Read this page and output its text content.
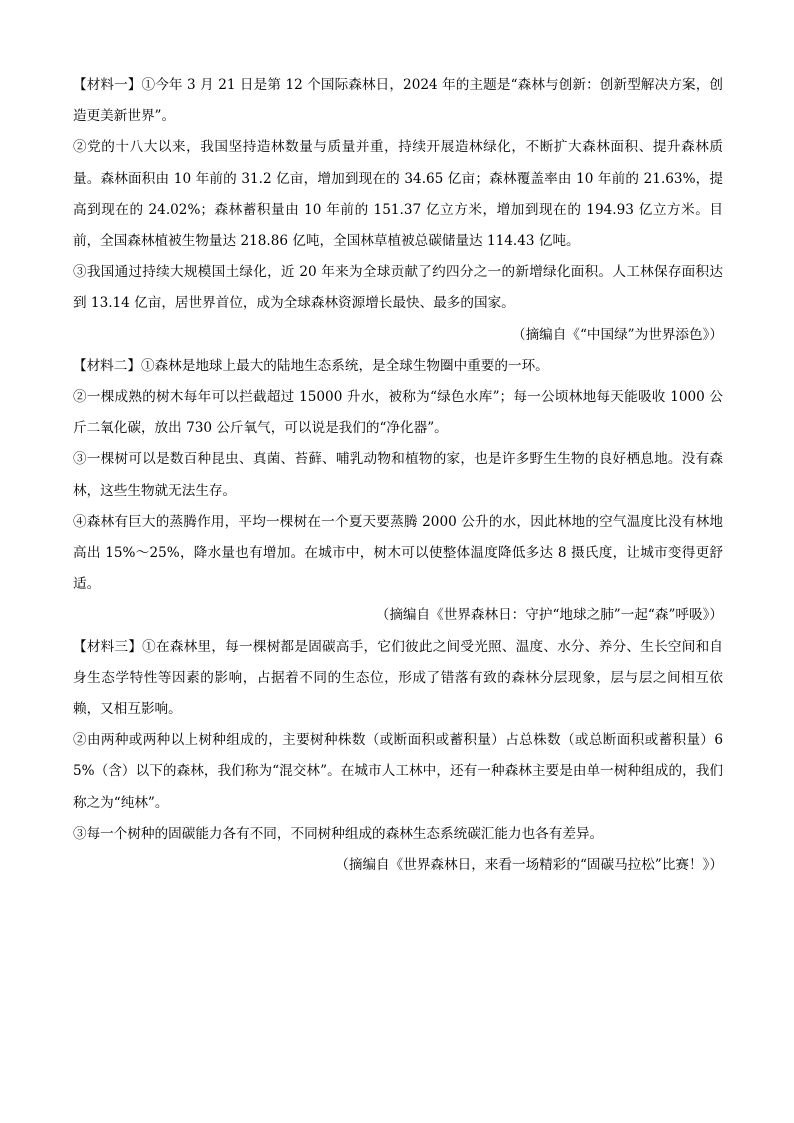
【材料一】①今年 3 月 21 日是第 12 个国际森林日，2024 年的主题是“森林与创新：创新型解决方案，创造更美新世界”。

②党的十八大以来，我国坚持造林数量与质量并重，持续开展造林绿化，不断扩大森林面积、提升森林质量。森林面积由 10 年前的 31.2 亿亩，增加到现在的 34.65 亿亩；森林覆盖率由 10 年前的 21.63%，提高到现在的 24.02%；森林蓄积量由 10 年前的 151.37 亿立方米，增加到现在的 194.93 亿立方米。目前，全国森林植被生物量达 218.86 亿吨，全国林草植被总碳储量达 114.43 亿吨。

③我国通过持续大规模国土绿化，近 20 年来为全球贡献了约四分之一的新增绿化面积。人工林保存面积达到 13.14 亿亩，居世界首位，成为全球森林资源增长最快、最多的国家。

（摘编自《“中国绿”为世界添色》）

【材料二】①森林是地球上最大的陆地生态系统，是全球生物圈中重要的一环。

②一棵成熟的树木每年可以拦截超过 15000 升水，被称为“绿色水库”；每一公顷林地每天能吸收 1000 公斤二氧化碳，放出 730 公斤氧气，可以说是我们的“净化器”。

③一棵树可以是数百种昆虫、真菌、苔藓、哺乳动物和植物的家，也是许多野生生物的良好栖息地。没有森林，这些生物就无法生存。

④森林有巨大的蒸腾作用，平均一棵树在一个夏天要蒸腾 2000 公升的水，因此林地的空气温度比没有林地高出 15%～25%，降水量也有增加。在城市中，树木可以使整体温度降低多达 8 摄氏度，让城市变得更舒适。

（摘编自《世界森林日：守护“地球之肺”一起“森”呼吸》）

【材料三】①在森林里，每一棵树都是固碳高手，它们彼此之间受光照、温度、水分、养分、生长空间和自身生态学特性等因素的影响，占据着不同的生态位，形成了错落有致的森林分层现象，层与层之间相互依赖，又相互影响。

②由两种或两种以上树种组成的，主要树种株数（或断面积或蓄积量）占总株数（或总断面积或蓄积量）65%（含）以下的森林，我们称为“混交林”。在城市人工林中，还有一种森林主要是由单一树种组成的，我们称之为“纯林”。

③每一个树种的固碳能力各有不同，不同树种组成的森林生态系统碳汇能力也各有差异。

（摘编自《世界森林日，来看一场精彩的“固碳马拉松”比赛！》）
